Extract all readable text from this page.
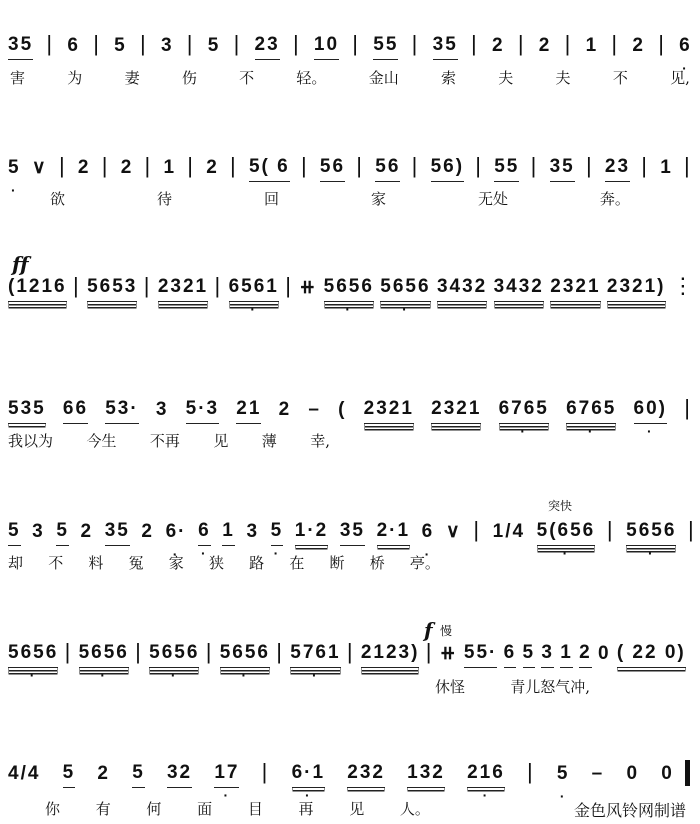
ff
突快
慢
f
金色风铃网制谱
35 | 6 | 5 | 3 | 5 | 23 | 10 | 55 | 35 | 2 | 2 | 1 | 2 | 6 ·
害	为	妻	伤	不	轻。	金山	索	夫	夫	不	见,
5 · ∨ | 2 | 2 | 1 | 2 | 5( 6 | 56 | 56 | 56) | 55 | 35 | 23 | 1 |
欲	待	回	家	无处	奔。
(1216 | 5653 | 2321 | 6561 · | ⧺ 5656 · 5656 · 3432 3432 2321 2321) ⋮
535 66 53· 3 5·3 21 2 – ( 2321 2321 6765 · 6765 · 60) · |
我以为 今生 不再 见 薄 幸,
5 3 5 2 35 2 6· · 6 · 1 3 5 · 1·2 35 2·1 6 · ∨ | 1/4 5(656 · | 5656 · |
却 不 料 冤 家 狭 路 在 断 桥 亭。
5656 · | 5656 · | 5656 · | 5656 · | 5761 · | 2123) | ⧺ 55· 6 5 3 1 2 0 ( 22 0)
休怪	青儿怒气冲,
4/4 5 2 5 32 17 · | 6·1 · 232 132 216 · | 5 · – 0 0
你 有 何 面 目 再 见 人。
